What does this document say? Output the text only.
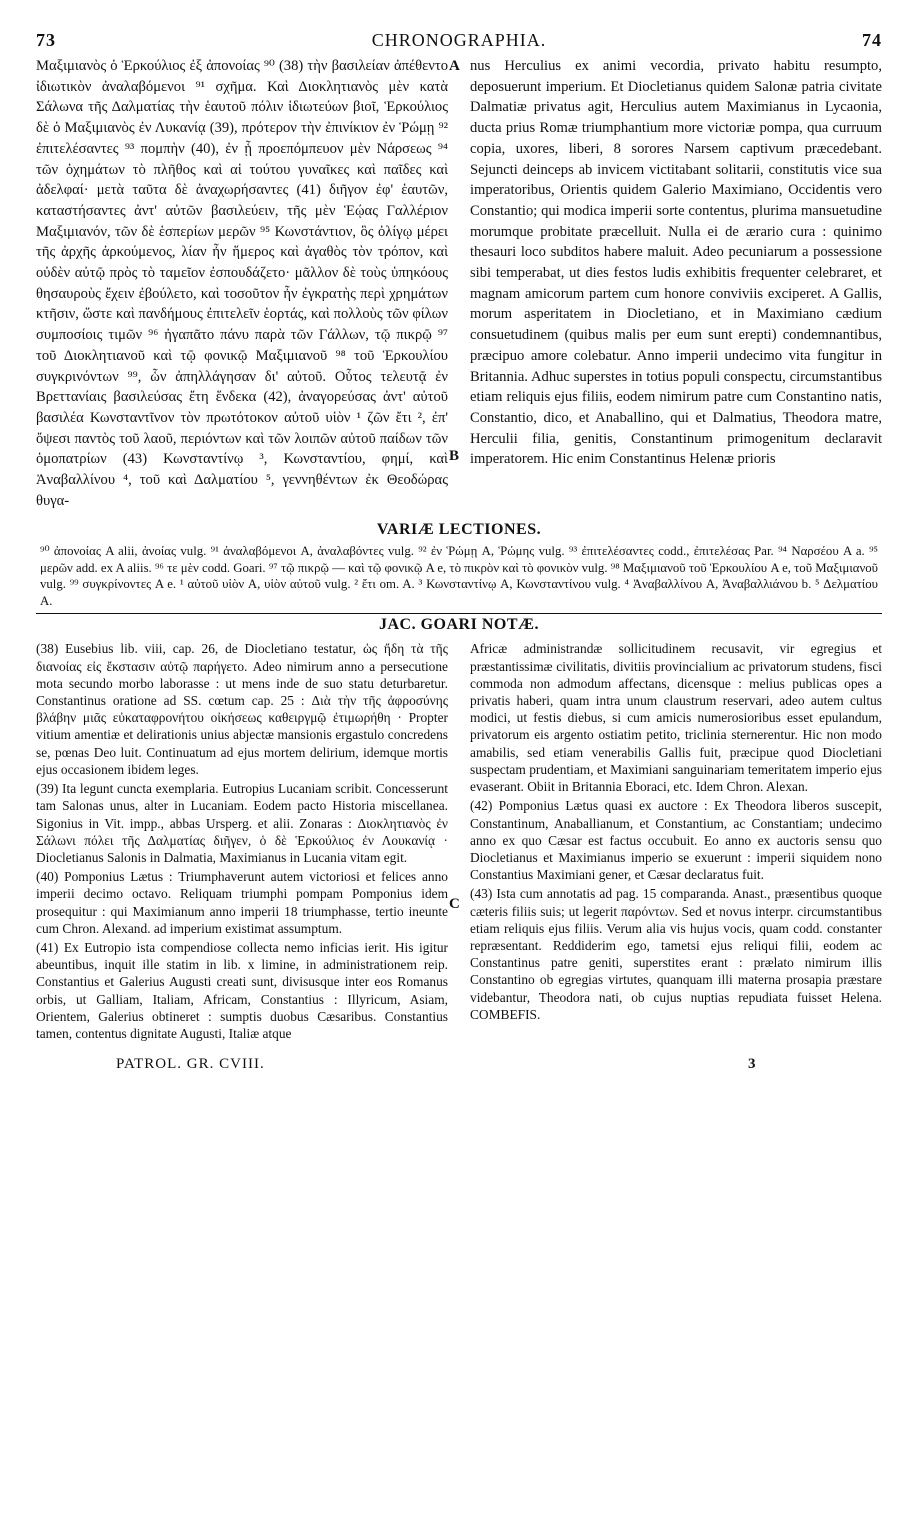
73	CHRONOGRAPHIA.	74

Μαξιμιανὸς ὁ Ἑρκούλιος ἐξ ἀπονοίας ⁹⁰ (38) τὴν βασιλείαν ἀπέθεντο ἰδιωτικὸν ἀναλαβόμενοι ⁹¹ σχῆμα. Καὶ Διοκλητιανὸς μὲν κατὰ Σάλωνα τῆς Δαλματίας τὴν ἑαυτοῦ πόλιν ἰδιωτεύων βιοῖ, Ἑρκούλιος δὲ ὁ Μαξιμιανὸς ἐν Λυκανίᾳ (39), πρότερον τὴν ἐπινίκιον ἐν Ῥώμῃ ⁹² ἐπιτελέσαντες ⁹³ πομπὴν (40), ἐν ᾗ προεπόμπευον μὲν Νάρσεως ⁹⁴ τῶν ὀχημάτων τὸ πλῆθος καὶ αἱ τούτου γυναῖκες καὶ παῖδες καὶ ἀδελφαί· μετὰ ταῦτα δὲ ἀναχωρήσαντες (41) διῆγον ἐφ' ἑαυτῶν, καταστήσαντες ἀντ' αὐτῶν βασιλεύειν, τῆς μὲν Ἑῴας Γαλλέριον Μαξιμιανόν, τῶν δὲ ἑσπερίων μερῶν ⁹⁵ Κωνστάντιον, ὃς ὀλίγῳ μέρει τῆς ἀρχῆς ἀρκούμενος, λίαν ἦν ἥμερος καὶ ἀγαθὸς τὸν τρόπον, καὶ οὐδὲν αὐτῷ πρὸς τὸ ταμεῖον ἐσπουδάζετο· μᾶλλον δὲ τοὺς ὑπηκόους θησαυροὺς ἔχειν ἐβούλετο, καὶ τοσοῦτον ἦν ἐγκρατὴς περὶ χρημάτων κτῆσιν, ὥστε καὶ πανδήμους ἐπιτελεῖν ἑορτάς, καὶ πολλοὺς τῶν φίλων συμποσίοις τιμῶν ⁹⁶ ἠγαπᾶτο πάνυ παρὰ τῶν Γάλλων, τῷ πικρῷ ⁹⁷ τοῦ Διοκλητιανοῦ καὶ τῷ φονικῷ Μαξιμιανοῦ ⁹⁸ τοῦ Ἑρκουλίου συγκρινόντων ⁹⁹, ὧν ἀπηλλάγησαν δι' αὐτοῦ. Οὗτος τελευτᾷ ἐν Βρεττανίαις βασιλεύσας ἔτη ἕνδεκα (42), ἀναγορεύσας ἀντ' αὐτοῦ βασιλέα Κωνσταντῖνον τὸν πρωτότοκον αὐτοῦ υἱὸν ¹ ζῶν ἔτι ², ἐπ' ὄψεσι παντὸς τοῦ λαοῦ, περιόντων καὶ τῶν λοιπῶν αὐτοῦ παίδων τῶν ὁμοπατρίων (43) Κωνσταντίνῳ ³, Κωνσταντίου, φημί, καὶ Ἀναβαλλίνου ⁴, τοῦ καὶ Δαλματίου ⁵, γεννηθέντων ἐκ Θεοδώρας θυγα-

nus Herculius ex animi vecordia, privato habitu resumpto, deposuerunt imperium. Et Diocletianus quidem Salonæ patria civitate Dalmatiæ privatus agit, Herculius autem Maximianus in Lycaonia, ducta prius Romæ triumphantium more victoriæ pompa, qua curruum copia, uxores, liberi, 8 sorores Narsem captivum præcedebant. Sejuncti deinceps ab invicem victitabant solitarii, constitutis vice sua imperatoribus, Orientis quidem Galerio Maximiano, Occidentis vero Constantio; qui modica imperii sorte contentus, plurima mansuetudine morumque probitate præcelluit. Nulla ei de ærario cura : quinimo thesauri loco subditos habere maluit. Adeo pecuniarum a possessione sibi temperabat, ut dies festos ludis exhibitis frequenter celebraret, et magnam amicorum partem cum honore conviviis exciperet. A Gallis, morum asperitatem in Diocletiano, et in Maximiano cædium consuetudinem (quibus malis per eum sunt erepti) condemnantibus, præcipuo amore colebatur. Anno imperii undecimo vita fungitur in Britannia. Adhuc superstes in totius populi conspectu, circumstantibus etiam reliquis ejus filiis, eodem nimirum patre cum Constantino natis, Constantio, dico, et Anaballino, qui et Dalmatius, Theodora matre, Herculii filia, genitis, Constantinum primogenitum declaravit imperatorem. Hic enim Constantinus Helenæ prioris

A
B
VARIÆ LECTIONES.
⁹⁰ ἀπονοίας A alii, ἀνοίας vulg. ⁹¹ ἀναλαβόμενοι A, ἀναλαβόντες vulg. ⁹² ἐν Ῥώμῃ A, Ῥώμης vulg. ⁹³ ἐπιτελέσαντες codd., ἐπιτελέσας Par. ⁹⁴ Ναρσέου A a. ⁹⁵ μερῶν add. ex A aliis. ⁹⁶ τε μὲν codd. Goari. ⁹⁷ τῷ πικρῷ — καὶ τῷ φονικῷ A e, τὸ πικρὸν καὶ τὸ φονικὸν vulg. ⁹⁸ Μαξιμιανοῦ τοῦ Ἑρκουλίου A e, τοῦ Μαξιμιανοῦ vulg. ⁹⁹ συγκρίνοντες A e. ¹ αὐτοῦ υἱὸν A, υἱὸν αὐτοῦ vulg. ² ἔτι om. A. ³ Κωνσταντίνῳ A, Κωνσταντίνου vulg. ⁴ Ἀναβαλλίνου A, Ἀναβαλλιάνου b. ⁵ Δελματίου A.
JAC. GOARI NOTÆ.

(38) Eusebius lib. viii, cap. 26, de Diocletiano testatur, ὡς ἤδη τὰ τῆς διανοίας εἰς ἔκστασιν αὐτῷ παρήγετο. Adeo nimirum anno a persecutione mota secundo morbo laborasse : ut mens inde de suo statu deturbaretur. Constantinus oratione ad SS. cœtum cap. 25 : Διὰ τὴν τῆς ἀφροσύνης βλάβην μιᾶς εὐκαταφρονήτου οἰκήσεως καθειργμῷ ἐτιμωρήθη · Propter vitium amentiæ et delirationis unius abjectæ mansionis ergastulo concredens se, pœnas Deo luit. Continuatum ad ejus mortem delirium, idemque mortis ejus occasionem ibidem leges.

(39) Ita legunt cuncta exemplaria. Eutropius Lucaniam scribit. Concesserunt tam Salonas unus, alter in Lucaniam. Eodem pacto Historia miscellanea. Sigonius in Vit. impp., abbas Ursperg. et alii. Zonaras : Διοκλητιανὸς ἐν Σάλωνι πόλει τῆς Δαλματίας διῆγεν, ὁ δὲ Ἑρκούλιος ἐν Λουκανίᾳ · Diocletianus Salonis in Dalmatia, Maximianus in Lucania vitam egit.

(40) Pomponius Lætus : Triumphaverunt autem victoriosi et felices anno imperii decimo octavo. Reliquam triumphi pompam Pomponius idem prosequitur : qui Maximianum anno imperii 18 triumphasse, tertio ineunte cum Chron. Alexand. ad imperium existimat assumptum.

(41) Ex Eutropio ista compendiose collecta nemo inficias ierit. His igitur abeuntibus, inquit ille statim in lib. x limine, in administrationem reip. Constantius et Galerius Augusti creati sunt, divisusque inter eos Romanus orbis, ut Galliam, Italiam, Africam, Constantius : Illyricum, Asiam, Orientem, Galerius obtineret : sumptis duobus Cæsaribus. Constantius tamen, contentus dignitate Augusti, Italiæ atque

Africæ administrandæ sollicitudinem recusavit, vir egregius et præstantissimæ civilitatis, divitiis provincialium ac privatorum studens, fisci commoda non admodum affectans, dicensque : melius publicas opes a privatis haberi, quam intra unum claustrum reservari, adeo autem cultus modici, ut festis diebus, si cum amicis numerosioribus esset epulandum, privatorum eis argento ostiatim petito, triclinia sternerentur. Hic non modo amabilis, sed etiam venerabilis Gallis fuit, præcipue quod Diocletiani suspectam prudentiam, et Maximiani sanguinariam temeritatem imperio ejus evaserant. Obiit in Britannia Eboraci, etc. Idem Chron. Alexan.

(42) Pomponius Lætus quasi ex auctore : Ex Theodora liberos suscepit, Constantinum, Anaballianum, et Constantium, ac Constantiam; undecimo anno ex quo Cæsar est factus occubuit. Eo anno ex auctoris sensu quo Diocletianus et Maximianus imperio se exuerunt : imperii siquidem nono Constantius Maximiani gener, et Cæsar declaratus fuit.

(43) Ista cum annotatis ad pag. 15 comparanda. Anast., præsentibus quoque cæteris filiis suis; ut legerit παρόντων. Sed et novus interpr. circumstantibus etiam reliquis ejus filiis. Verum alia vis hujus vocis, quam codd. constanter repræsentant. Reddiderim ego, tametsi ejus reliqui filii, eodem ac Constantinus patre geniti, superstites erant : prælato nimirum illis Constantino ob egregias virtutes, quanquam illi materna prosapia præstare videbantur, Theodora nati, ob cujus nuptias repudiata fuisset Helena. COMBEFIS.

C
PATROL. GR. CVIII.	3
